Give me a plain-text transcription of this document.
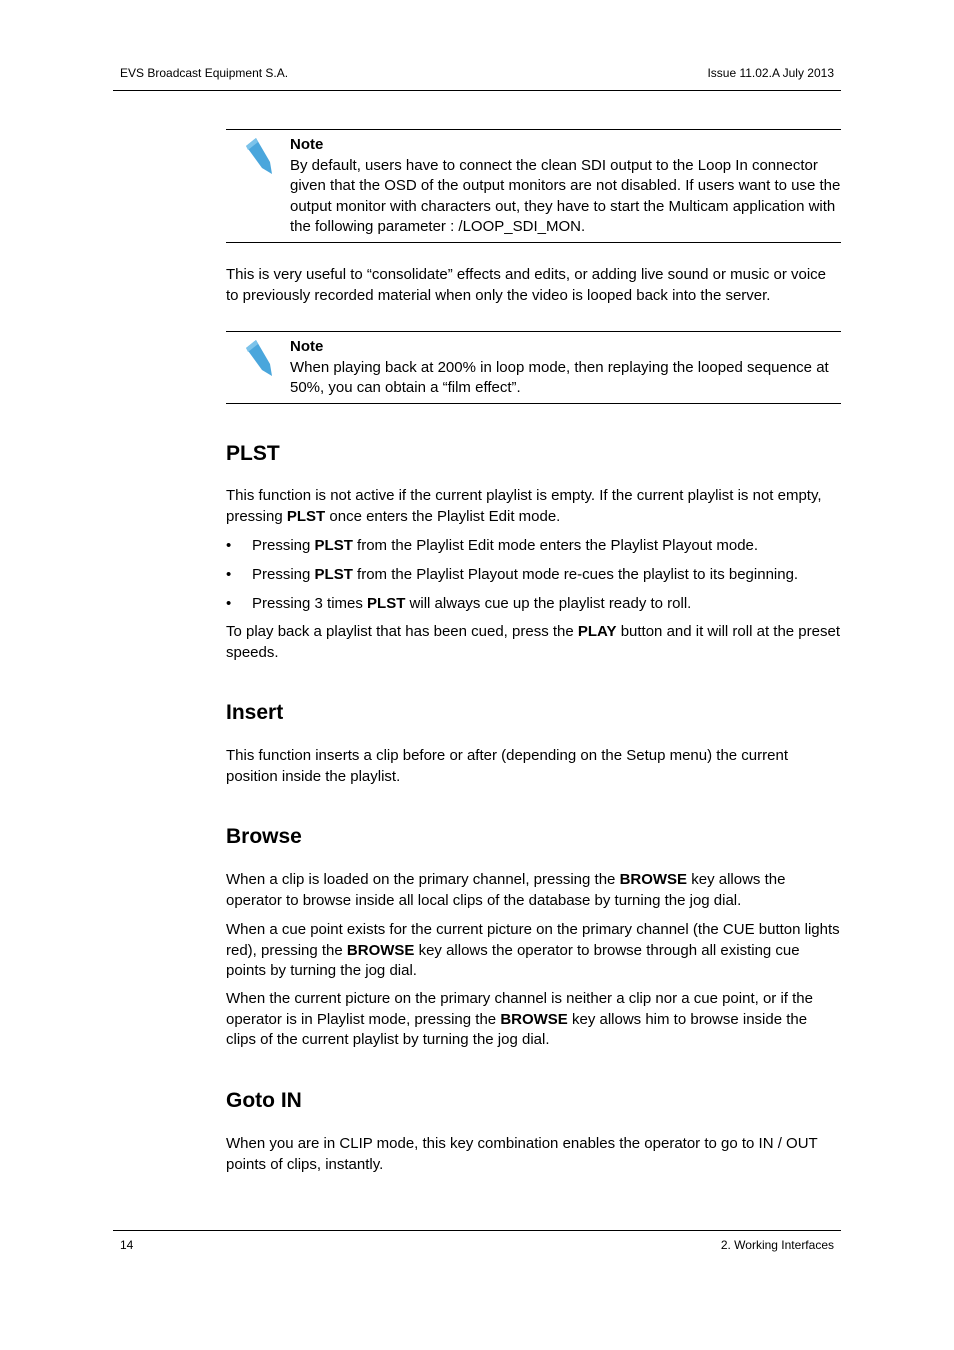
EVS Broadcast Equipment S.A.	Issue 11.02.A July 2013
Note
By default, users have to connect the clean SDI output to the Loop In connector given that the OSD of the output monitors are not disabled. If users want to use the output monitor with characters out, they have to start the Multicam application with the following parameter : /LOOP_SDI_MON.

This is very useful to “consolidate” effects and edits, or adding live sound or music or voice to previously recorded material when only the video is looped back into the server.

Note
When playing back at 200% in loop mode, then replaying the looped sequence at 50%, you can obtain a “film effect”.
PLST

This function is not active if the current playlist is empty. If the current playlist is not empty, pressing PLST once enters the Playlist Edit mode.

• Pressing PLST from the Playlist Edit mode enters the Playlist Playout mode.
• Pressing PLST from the Playlist Playout mode re-cues the playlist to its beginning.
• Pressing 3 times PLST will always cue up the playlist ready to roll.

To play back a playlist that has been cued, press the PLAY button and it will roll at the preset speeds.

Insert

This function inserts a clip before or after (depending on the Setup menu) the current position inside the playlist.

Browse

When a clip is loaded on the primary channel, pressing the BROWSE key allows the operator to browse inside all local clips of the database by turning the jog dial.

When a cue point exists for the current picture on the primary channel (the CUE button lights red), pressing the BROWSE key allows the operator to browse through all existing cue points by turning the jog dial.

When the current picture on the primary channel is neither a clip nor a cue point, or if the operator is in Playlist mode, pressing the BROWSE key allows him to browse inside the clips of the current playlist by turning the jog dial.

Goto IN

When you are in CLIP mode, this key combination enables the operator to go to IN / OUT points of clips, instantly.

14	2. Working Interfaces
